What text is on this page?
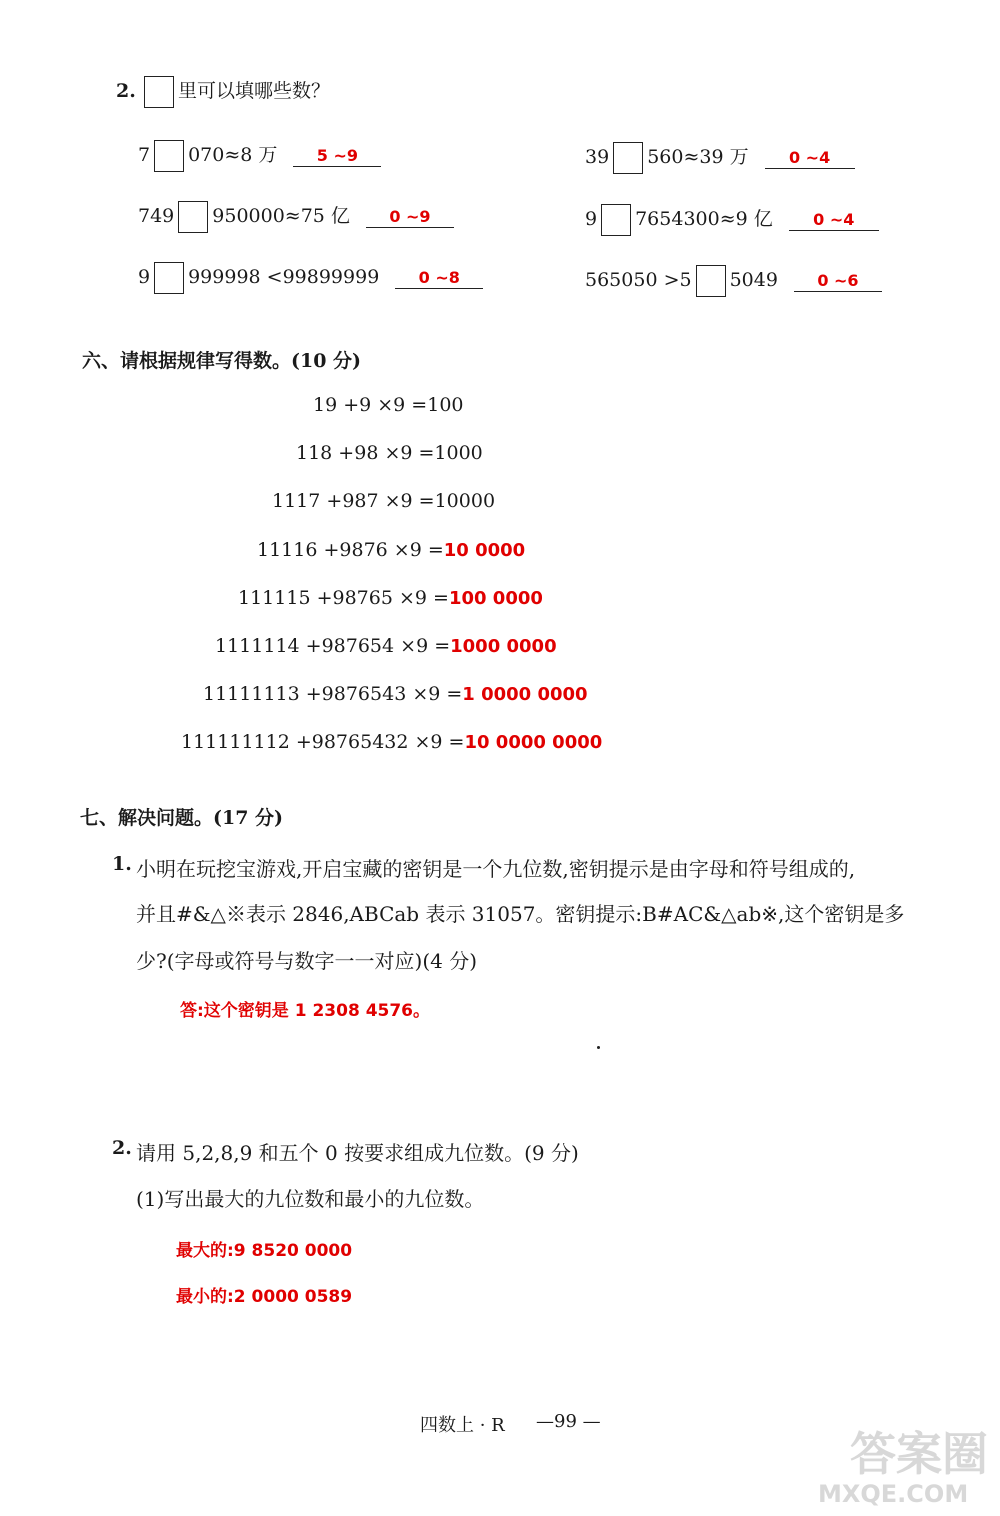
2.	里可以填哪些数？
7 070≈8 万 5 ~9	39 560≈39 万	0 ~4
749 950000≈75 亿 0 ~9	9 7654300≈9 亿	0 ~4
9 999998 <99899999 0 ~8	565050 >5 5049 0 ~6
六、请根据规律写得数。(10 分)
19 +9 ×9 =100
118 +98 ×9 =1000
1117 +987 ×9 =10000
11116 +9876 ×9 =10 0000
111115 +98765 ×9 =100 0000
1111114 +987654 ×9 =1000 0000
11111113 +9876543 ×9 =1 0000 0000
111111112 +98765432 ×9 =10 0000 0000
七、解决问题。(17 分)
1. 小明在玩挖宝游戏,开启宝藏的密钥是一个九位数,密钥提示是由字母和符号组成的,
并且#&△※表示 2846,ABCab 表示 31057。密钥提示:B#AC&△ab※,这个密钥是多
少?(字母或符号与数字一一对应)(4 分)
答:这个密钥是 1 2308 4576。
2. 请用 5,2,8,9 和五个 0 按要求组成九位数。(9 分)
(1)写出最大的九位数和最小的九位数。
最大的:9 8520 0000
最小的:2 0000 0589
四数上 · R —99 —
答案圈
MXQE.COM
